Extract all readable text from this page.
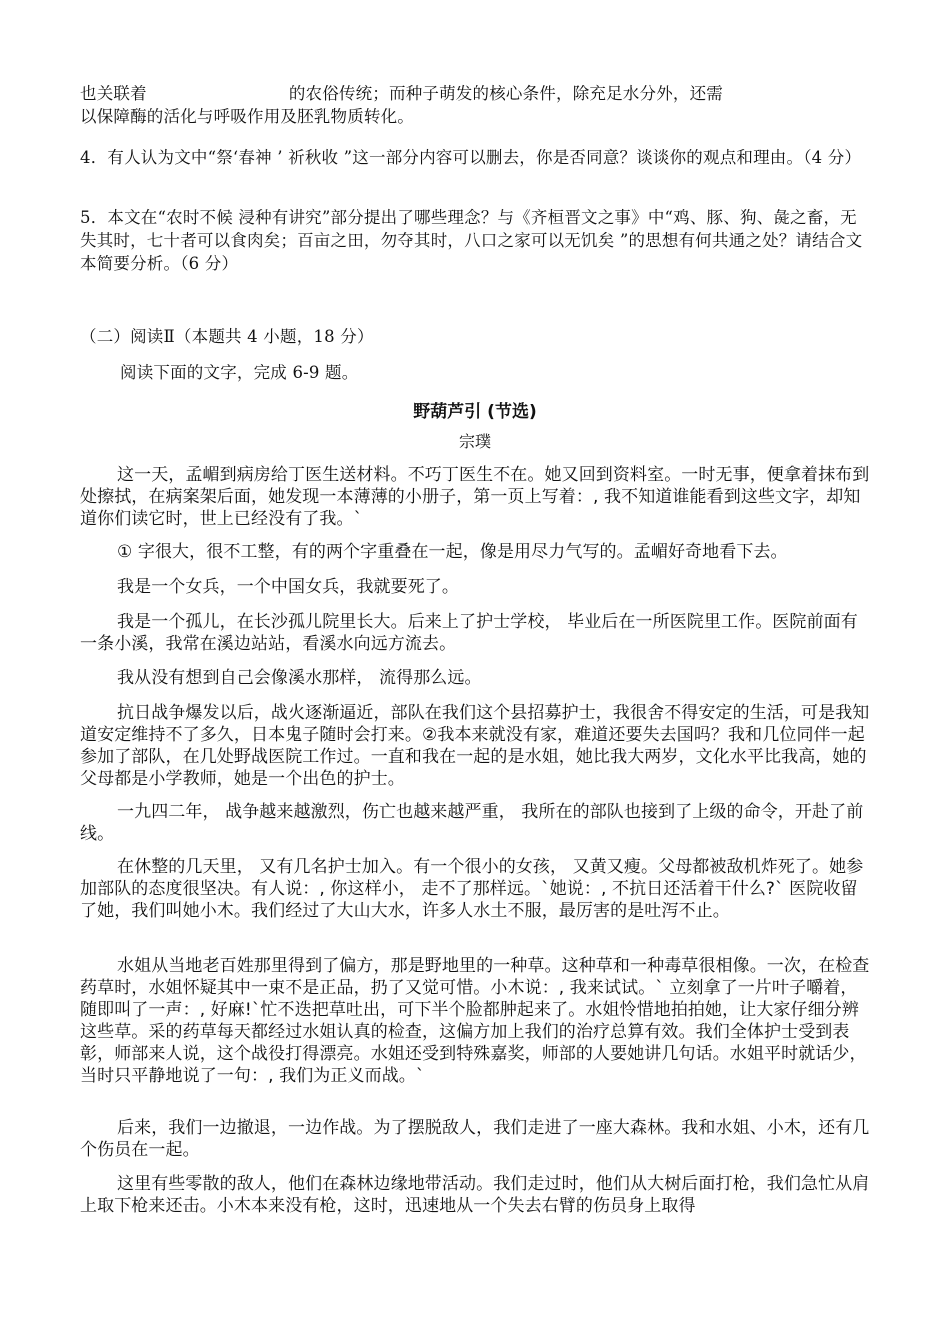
也关联着	的农俗传统；而种子萌发的核心条件，除充足水分外，还需
以保障酶的活化与呼吸作用及胚乳物质转化。
4．有人认为文中“祭‘春神 ’ 祈秋收 ”这一部分内容可以删去，你是否同意？谈谈你的观点和理由。（4 分）
5．本文在“农时不候 浸种有讲究”部分提出了哪些理念？与《齐桓晋文之事》中“鸡、豚、狗、彘之畜，无失其时，七十者可以食肉矣；百亩之田，勿夺其时，八口之家可以无饥矣 ”的思想有何共通之处？请结合文本简要分析。（6 分）
（二）阅读Ⅱ（本题共 4 小题，18 分）
阅读下面的文字，完成 6-9 题。
野葫芦引 (节选)
宗璞
这一天，孟嵋到病房给丁医生送材料。不巧丁医生不在。她又回到资料室。一时无事，便拿着抹布到处擦拭，在病案架后面，她发现一本薄薄的小册子，第一页上写着：, 我不知道谁能看到这些文字，却知道你们读它时，世上已经没有了我。`
① 字很大，很不工整，有的两个字重叠在一起，像是用尽力气写的。孟嵋好奇地看下去。
我是一个女兵，一个中国女兵，我就要死了。
我是一个孤儿，在长沙孤儿院里长大。后来上了护士学校， 毕业后在一所医院里工作。医院前面有一条小溪，我常在溪边站站，看溪水向远方流去。
我从没有想到自己会像溪水那样， 流得那么远。
抗日战争爆发以后，战火逐渐逼近，部队在我们这个县招募护士，我很舍不得安定的生活，可是我知道安定维持不了多久，日本鬼子随时会打来。②我本来就没有家，难道还要失去国吗？我和几位同伴一起参加了部队，在几处野战医院工作过。一直和我在一起的是水姐，她比我大两岁，文化水平比我高，她的父母都是小学教师，她是一个出色的护士。
一九四二年， 战争越来越激烈，伤亡也越来越严重， 我所在的部队也接到了上级的命令，开赴了前线。
在休整的几天里， 又有几名护士加入。有一个很小的女孩， 又黄又瘦。父母都被敌机炸死了。她参加部队的态度很坚决。有人说：, 你这样小， 走不了那样远。`她说：, 不抗日还活着干什么?` 医院收留了她，我们叫她小木。我们经过了大山大水，许多人水土不服，最厉害的是吐泻不止。
水姐从当地老百姓那里得到了偏方，那是野地里的一种草。这种草和一种毒草很相像。一次，在检查药草时，水姐怀疑其中一束不是正品，扔了又觉可惜。小木说：, 我来试试。` 立刻拿了一片叶子嚼着， 随即叫了一声：, 好麻!`忙不迭把草吐出，可下半个脸都肿起来了。水姐怜惜地拍拍她，让大家仔细分辨这些草。采的药草每天都经过水姐认真的检查，这偏方加上我们的治疗总算有效。我们全体护士受到表彰，师部来人说，这个战役打得漂亮。水姐还受到特殊嘉奖，师部的人要她讲几句话。水姐平时就话少，当时只平静地说了一句：, 我们为正义而战。`
后来，我们一边撤退，一边作战。为了摆脱敌人，我们走进了一座大森林。我和水姐、小木，还有几个伤员在一起。
这里有些零散的敌人，他们在森林边缘地带活动。我们走过时，他们从大树后面打枪，我们急忙从肩上取下枪来还击。小木本来没有枪，这时，迅速地从一个失去右臂的伤员身上取得
